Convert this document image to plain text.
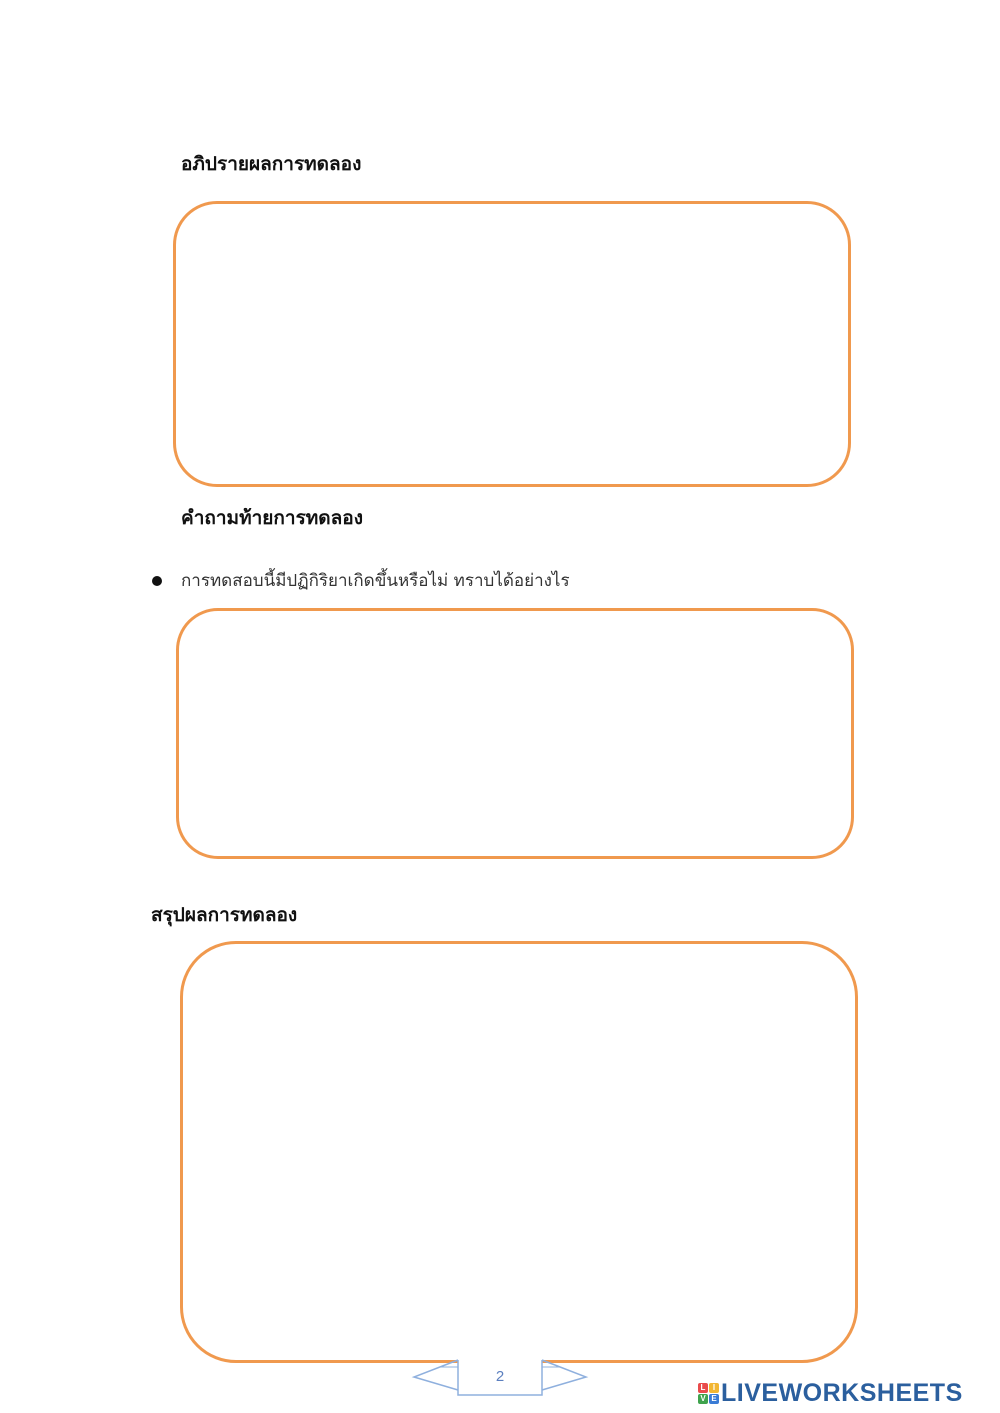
อภิปรายผลการทดลอง
คำถามท้ายการทดลอง
การทดสอบนี้มีปฏิกิริยาเกิดขึ้นหรือไม่ ทราบได้อย่างไร
สรุปผลการทดลอง
2
L I
V E LIVEWORKSHEETS
